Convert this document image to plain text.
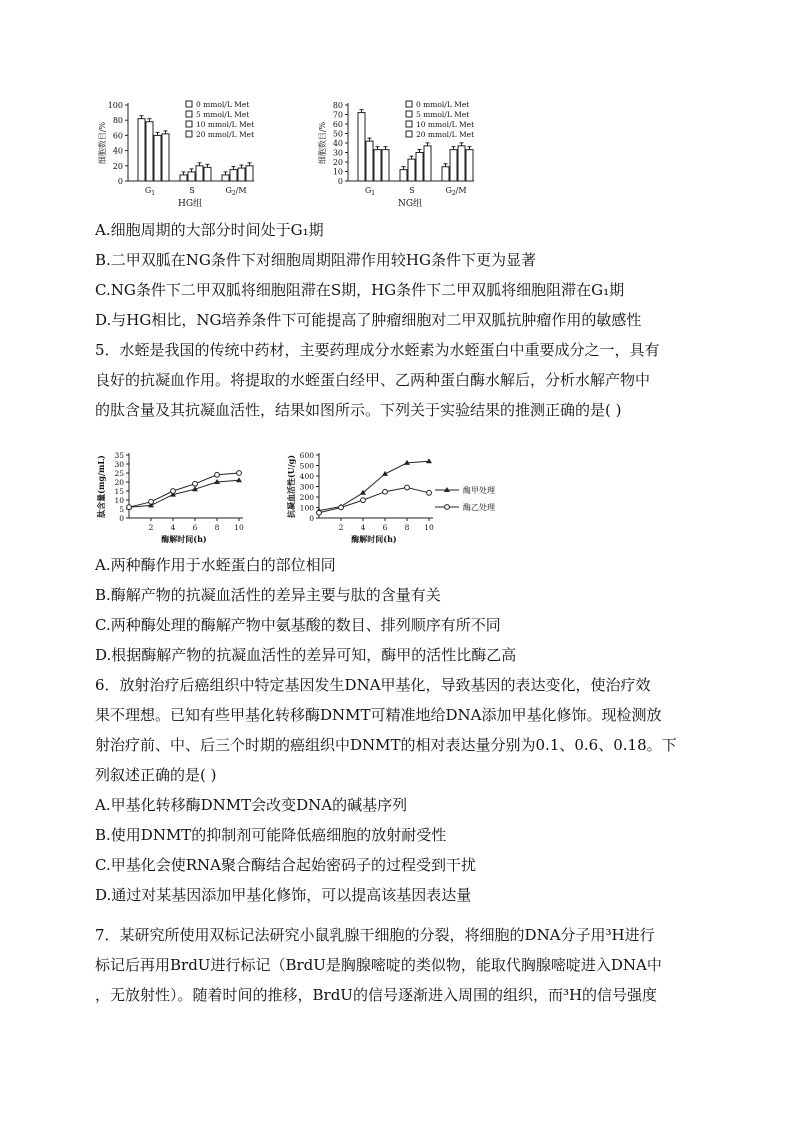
0
20
40
60
80
100
细胞数目/%
$G_1$	S	$G_2/M$
HG组
0 mmol/L Met
5 mmol/L Met
10 mmol/L Met
20 mmol/L Met
0
10
20
30
40
50
60
70
80
细胞数目/%
$G_1$	S	$G_2/M$
NG组
0 mmol/L Met
5 mmol/L Met
10 mmol/L Met
20 mmol/L Met
A.细胞周期的大部分时间处于G₁期
B.二甲双胍在NG条件下对细胞周期阻滞作用较HG条件下更为显著
C.NG条件下二甲双胍将细胞阻滞在S期，HG条件下二甲双胍将细胞阻滞在G₁期
D.与HG相比，NG培养条件下可能提高了肿瘤细胞对二甲双胍抗肿瘤作用的敏感性
5．水蛭是我国的传统中药材，主要药理成分水蛭素为水蛭蛋白中重要成分之一，具有
良好的抗凝血作用。将提取的水蛭蛋白经甲、乙两种蛋白酶水解后，分析水解产物中
的肽含量及其抗凝血活性，结果如图所示。下列关于实验结果的推测正确的是( )
A.两种酶作用于水蛭蛋白的部位相同
B.酶解产物的抗凝血活性的差异主要与肽的含量有关
C.两种酶处理的酶解产物中氨基酸的数目、排列顺序有所不同
D.根据酶解产物的抗凝血活性的差异可知，酶甲的活性比酶乙高
6．放射治疗后癌组织中特定基因发生DNA甲基化，导致基因的表达变化，使治疗效
果不理想。已知有些甲基化转移酶DNMT可精准地给DNA添加甲基化修饰。现检测放
射治疗前、中、后三个时期的癌组织中DNMT的相对表达量分别为0.1、0.6、0.18。下
列叙述正确的是( )
A.甲基化转移酶DNMT会改变DNA的碱基序列
B.使用DNMT的抑制剂可能降低癌细胞的放射耐受性
C.甲基化会使RNA聚合酶结合起始密码子的过程受到干扰
D.通过对某基因添加甲基化修饰，可以提高该基因表达量
7．某研究所使用双标记法研究小鼠乳腺干细胞的分裂，将细胞的DNA分子用³H进行
标记后再用BrdU进行标记（BrdU是胸腺嘧啶的类似物，能取代胸腺嘧啶进入DNA中
，无放射性）。随着时间的推移，BrdU的信号逐渐进入周围的组织，而³H的信号强度
0
5
10
15
20
25
30
35
2 4 6 8 10
酶解时间(h)
肽含量(mg/mL)
0
100
200
300
400
500
600
2 4 6 8 10
酶解时间(h)
抗凝血活性(U/g)	酶甲处理
酶乙处理
